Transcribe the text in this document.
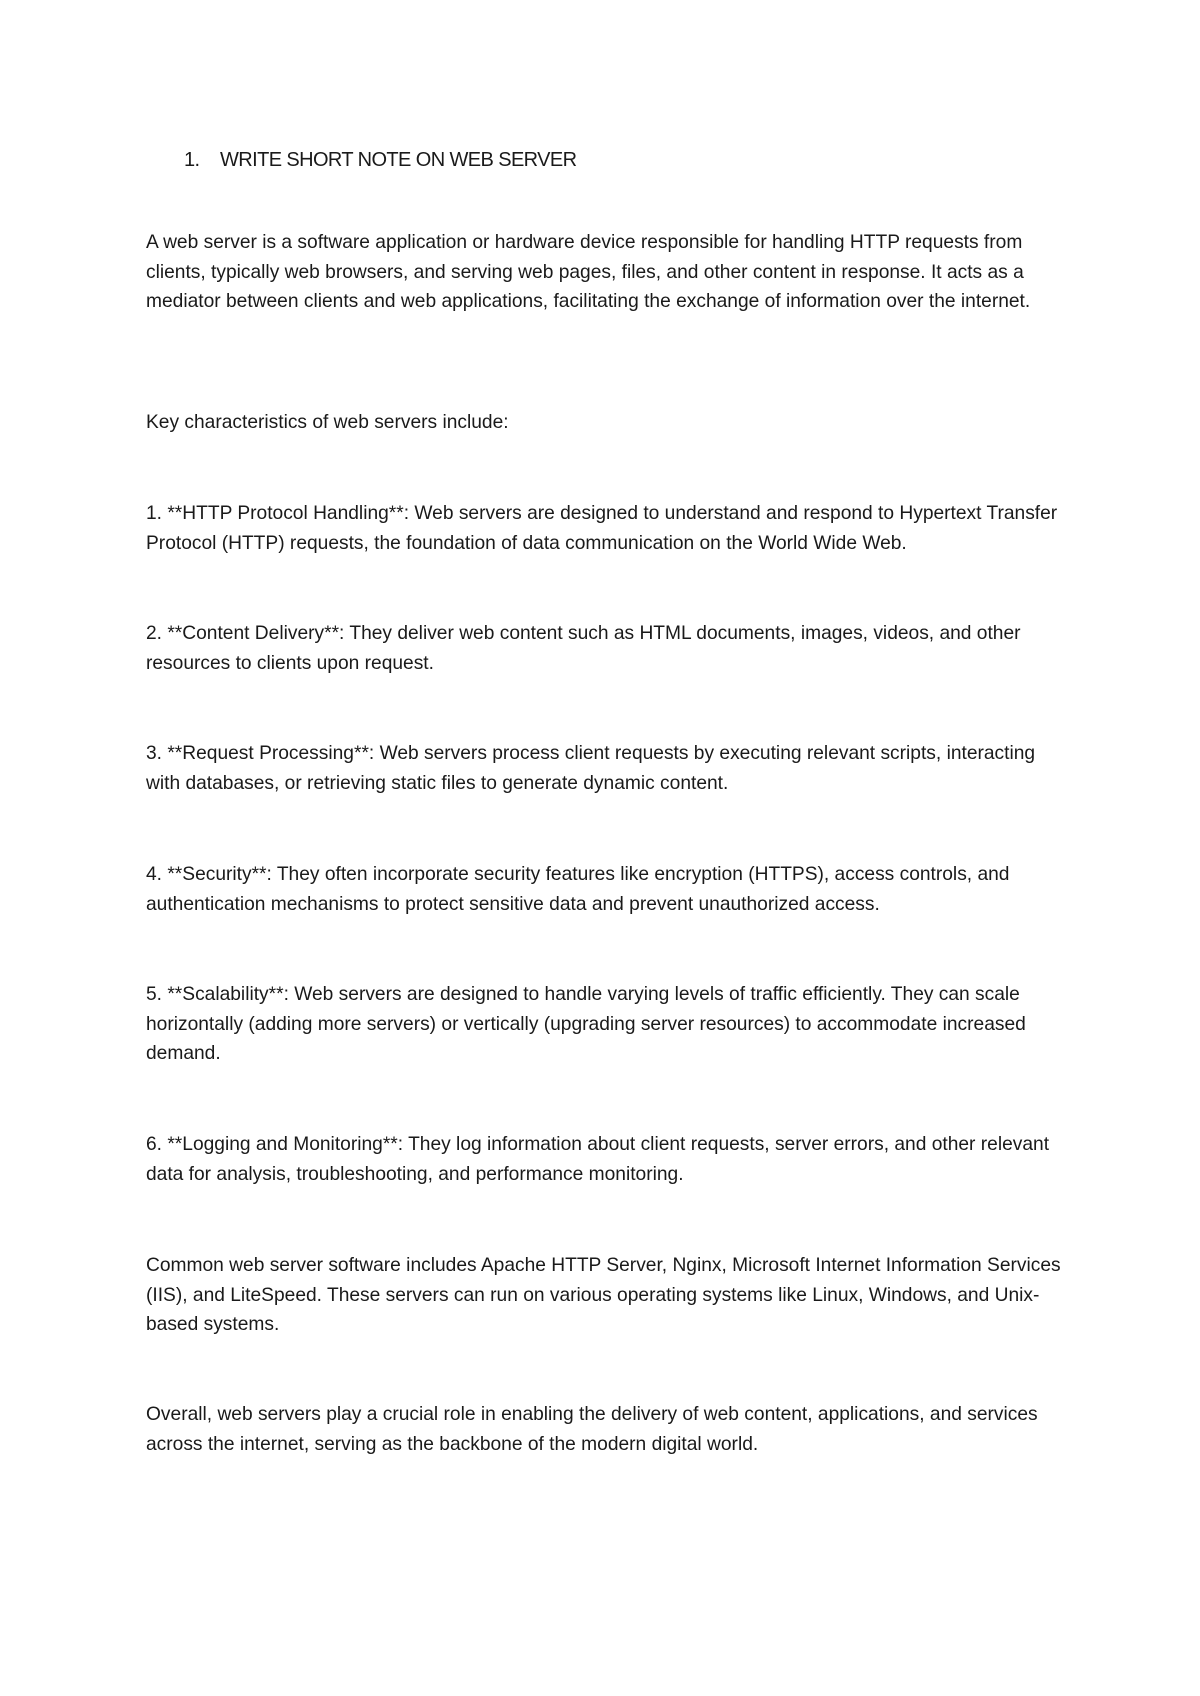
1. WRITE SHORT NOTE ON WEB SERVER

A web server is a software application or hardware device responsible for handling HTTP requests from clients, typically web browsers, and serving web pages, files, and other content in response. It acts as a mediator between clients and web applications, facilitating the exchange of information over the internet.

Key characteristics of web servers include:

1. **HTTP Protocol Handling**: Web servers are designed to understand and respond to Hypertext Transfer Protocol (HTTP) requests, the foundation of data communication on the World Wide Web.

2. **Content Delivery**: They deliver web content such as HTML documents, images, videos, and other resources to clients upon request.

3. **Request Processing**: Web servers process client requests by executing relevant scripts, interacting with databases, or retrieving static files to generate dynamic content.

4. **Security**: They often incorporate security features like encryption (HTTPS), access controls, and authentication mechanisms to protect sensitive data and prevent unauthorized access.

5. **Scalability**: Web servers are designed to handle varying levels of traffic efficiently. They can scale horizontally (adding more servers) or vertically (upgrading server resources) to accommodate increased demand.

6. **Logging and Monitoring**: They log information about client requests, server errors, and other relevant data for analysis, troubleshooting, and performance monitoring.

Common web server software includes Apache HTTP Server, Nginx, Microsoft Internet Information Services (IIS), and LiteSpeed. These servers can run on various operating systems like Linux, Windows, and Unix-based systems.

Overall, web servers play a crucial role in enabling the delivery of web content, applications, and services across the internet, serving as the backbone of the modern digital world.
